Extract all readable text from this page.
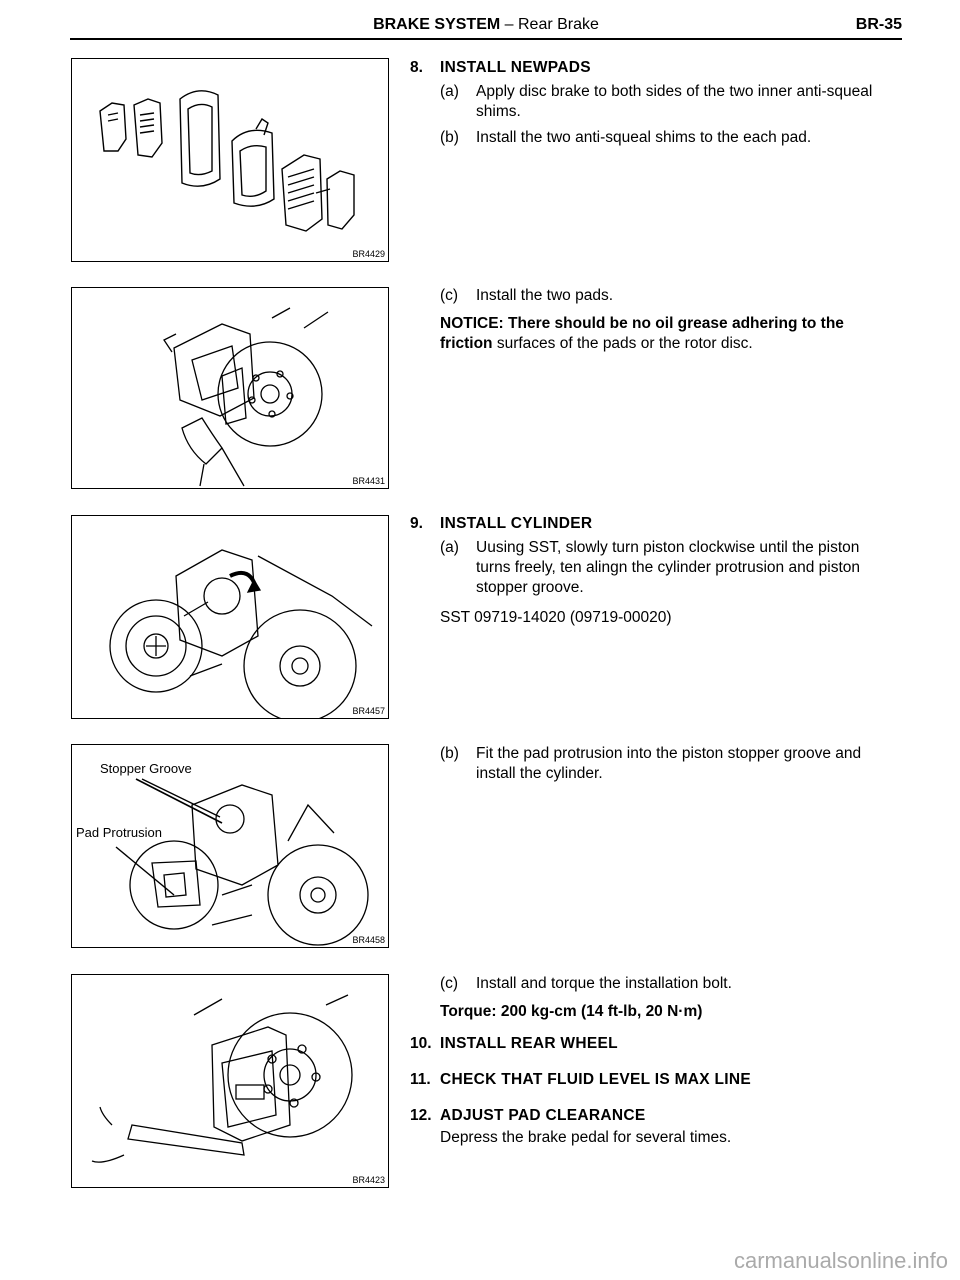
BRAKE SYSTEM – Rear Brake	BR-35
BR4429
BR4431
BR4457
Stopper Groove
Pad Protrusion
BR4458
BR4423
8. INSTALL NEWPADS
(a) Apply disc brake to both sides of the two inner anti-squeal shims.
(b) Install the two anti-squeal shims to the each pad.
(c) Install the two pads.
NOTICE: There should be no oil grease adhering to the friction surfaces of the pads or the rotor disc.
9. INSTALL CYLINDER
(a) Uusing SST, slowly turn piston clockwise until the piston turns freely, ten alingn the cylinder protrusion and piston stopper groove.
SST 09719-14020 (09719-00020)
(b) Fit the pad protrusion into the piston stopper groove and install the cylinder.
(c) Install and torque the installation bolt.
Torque: 200 kg-cm (14 ft-lb, 20 N·m)
10. INSTALL REAR WHEEL
11. CHECK THAT FLUID LEVEL IS MAX LINE
12. ADJUST PAD CLEARANCE
Depress the brake pedal for several times.
carmanualsonline.info
